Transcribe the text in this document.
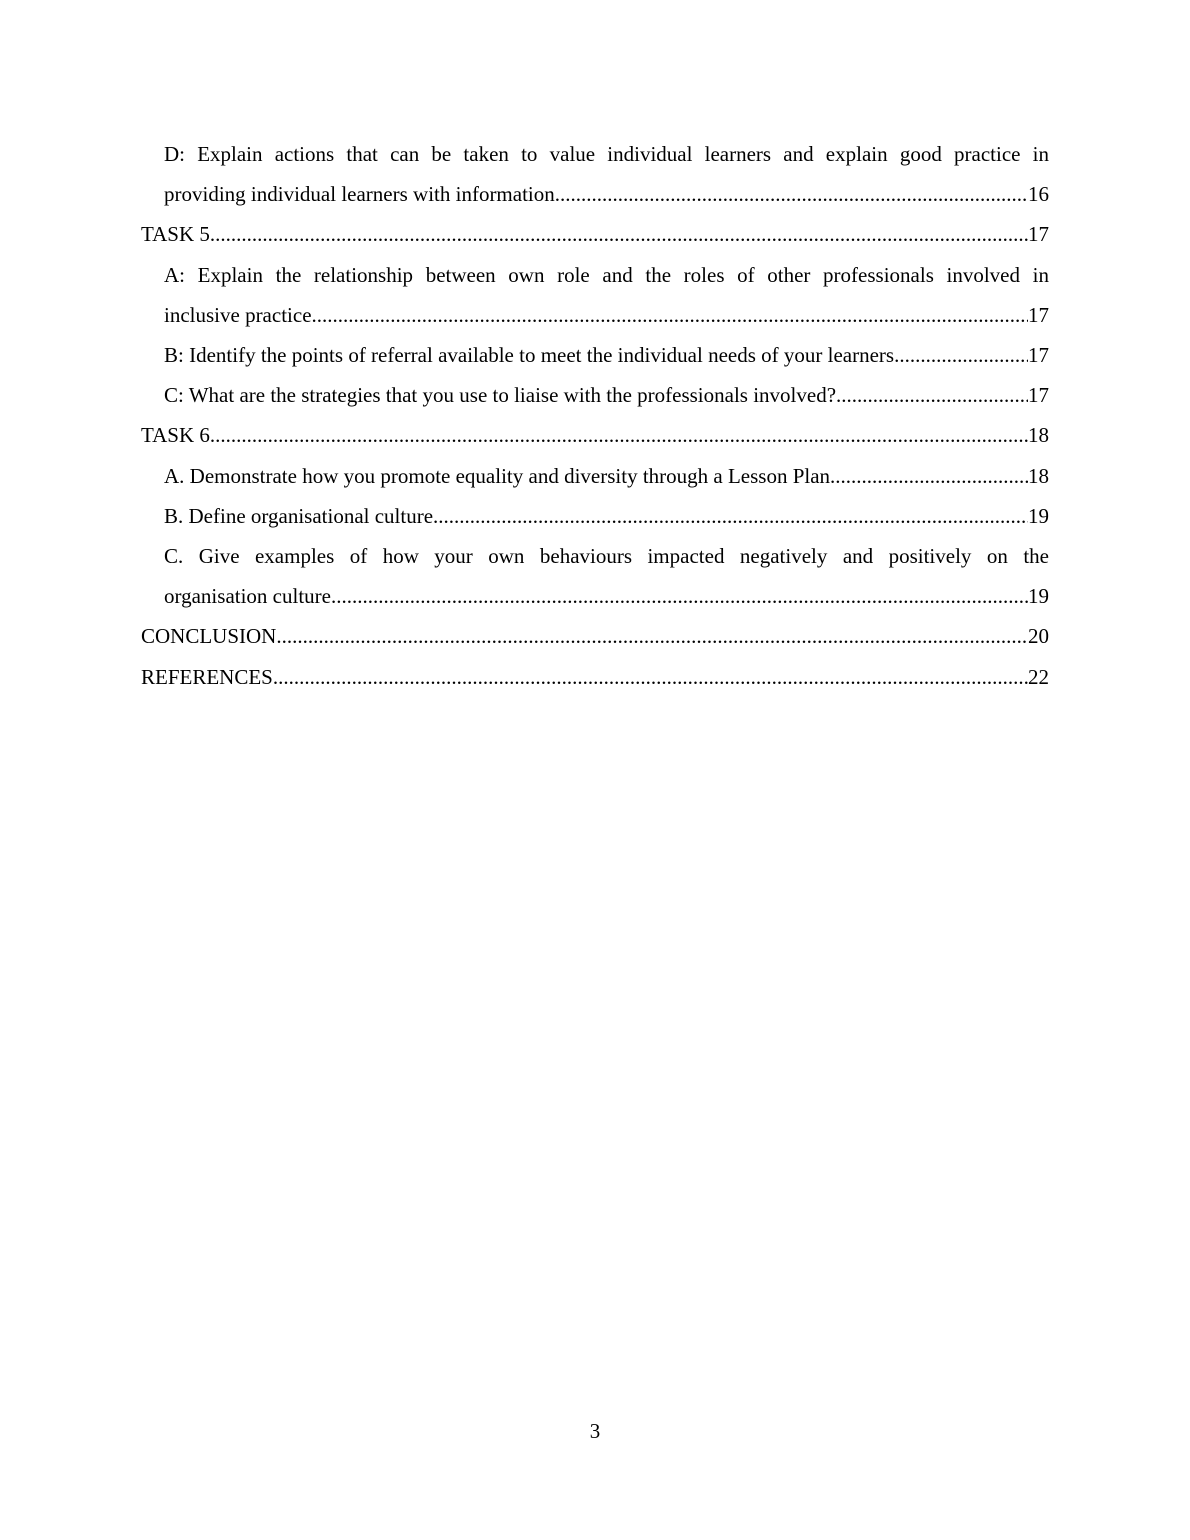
D: Explain actions that can be taken to value individual learners and explain good practice in
providing individual learners with information. .....	16
TASK 5 .....	17
A: Explain the relationship between own role and the roles of other professionals involved in
inclusive practice .....	17
B: Identify the points of referral available to meet the individual needs of your learners. .....	17
C: What are the strategies that you use to liaise with the professionals involved? .....	17
TASK 6 .....	18
A. Demonstrate how you promote equality and diversity through a Lesson Plan .....	18
B. Define organisational culture .....	19
C. Give examples of how your own behaviours impacted negatively and positively on the
organisation culture .....	19
CONCLUSION .....	20
REFERENCES .....	22
3
